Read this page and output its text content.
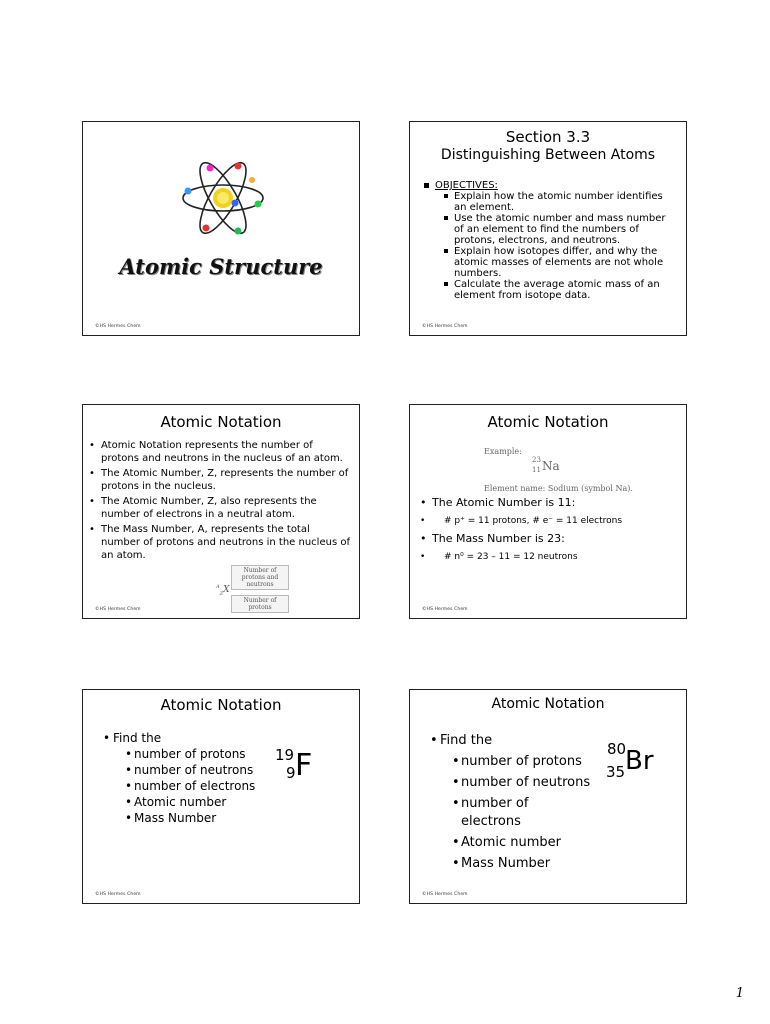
Atomic Structure
©HS Hermes Chem
Section 3.3
Distinguishing Between Atoms
OBJECTIVES:
Explain how the atomic number identifies an element.
Use the atomic number and mass number of an element to find the numbers of protons, electrons, and neutrons.
Explain how isotopes differ, and why the atomic masses of elements are not whole numbers.
Calculate the average atomic mass of an element from isotope data.
©HS Hermes Chem
Atomic Notation
• Atomic Notation represents the number of protons and neutrons in the nucleus of an atom.
• The Atomic Number, Z, represents the number of protons in the nucleus.
• The Atomic Number, Z, also represents the number of electrons in a neutral atom.
• The Mass Number, A, represents the total number of protons and neutrons in the nucleus of an atom.
$^A_Z$X
Number of protons and neutrons
Number of protons
©HS Hermes Chem
Atomic Notation
Example:
23
11 Na
Element name: Sodium (symbol Na).
• The Atomic Number is 11:
• # p⁺ = 11 protons, # e⁻ = 11 electrons
• The Mass Number is 23:
• # n⁰ = 23 – 11 = 12 neutrons
©HS Hermes Chem
Atomic Notation
• Find the
• number of protons
• number of neutrons
• number of electrons
• Atomic number
• Mass Number
19
9 F
©HS Hermes Chem
Atomic Notation
• Find the
• number of protons
• number of neutrons
• number of electrons
• Atomic number
• Mass Number
80
35 Br
©HS Hermes Chem
1
